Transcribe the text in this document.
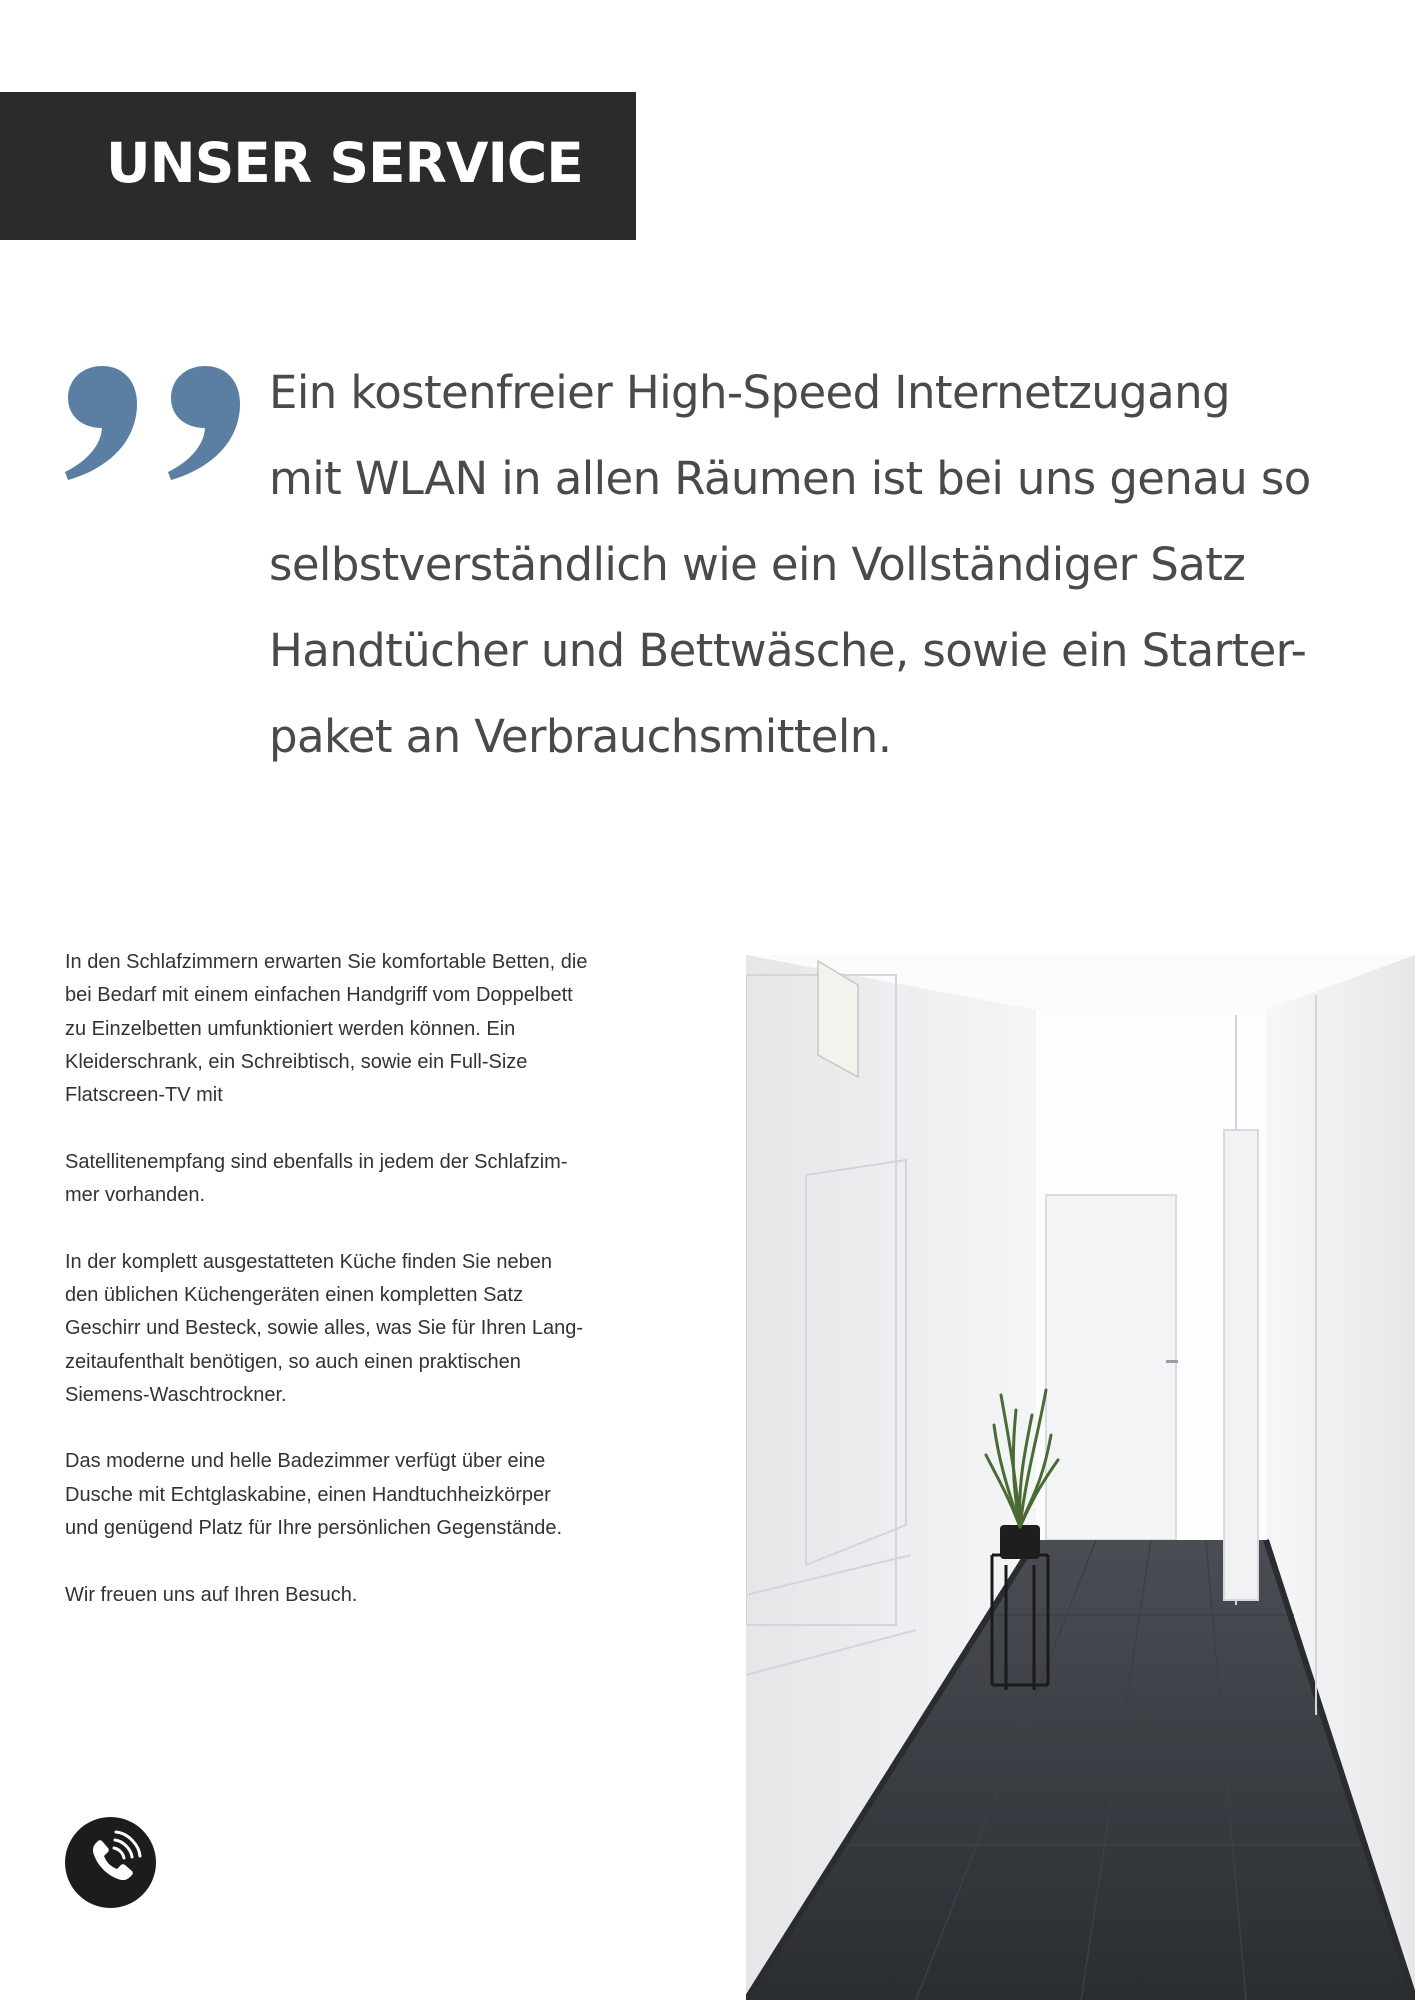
UNSER SERVICE

Ein kostenfreier High-Speed Internetzugang
mit WLAN in allen Räumen ist bei uns genau so
selbstverständlich wie ein Vollständiger Satz
Handtücher und Bettwäsche, sowie ein Starter-
paket an Verbrauchsmitteln.

In den Schlafzimmern erwarten Sie komfortable Betten, die
bei Bedarf mit einem einfachen Handgriff vom Doppelbett
zu Einzelbetten umfunktioniert werden können. Ein
Kleiderschrank, ein Schreibtisch, sowie ein Full-Size
Flatscreen-TV mit

Satellitenempfang sind ebenfalls in jedem der Schlafzim-
mer vorhanden.

In der komplett ausgestatteten Küche finden Sie neben
den üblichen Küchengeräten einen kompletten Satz
Geschirr und Besteck, sowie alles, was Sie für Ihren Lang-
zeitaufenthalt benötigen, so auch einen praktischen
Siemens-Waschtrockner.

Das moderne und helle Badezimmer verfügt über eine
Dusche mit Echtglaskabine, einen Handtuchheizkörper
und genügend Platz für Ihre persönlichen Gegenstände.

Wir freuen uns auf Ihren Besuch.
